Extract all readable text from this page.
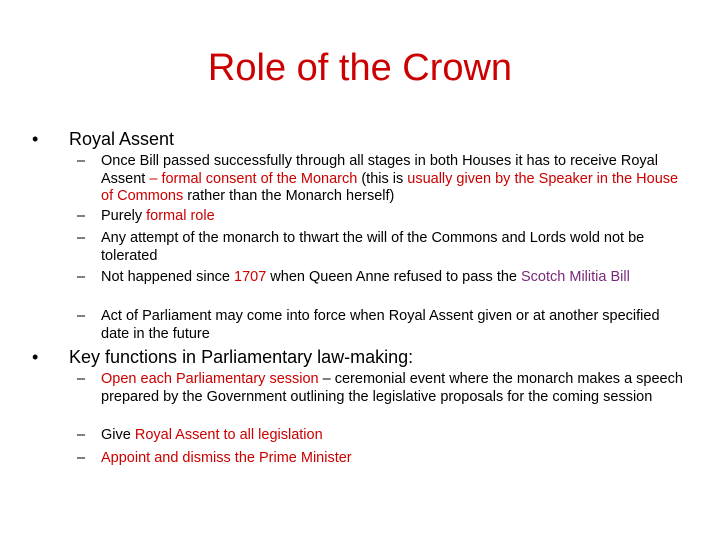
Role of the Crown
• Royal Assent
– Once Bill passed successfully through all stages in both Houses it has to receive Royal Assent – formal consent of the Monarch (this is usually given by the Speaker in the House of Commons rather than the Monarch herself)
– Purely formal role
– Any attempt of the monarch to thwart the will of the Commons and Lords wold not be tolerated
– Not happened since 1707 when Queen Anne refused to pass the Scotch Militia Bill
– Act of Parliament may come into force when Royal Assent given or at another specified date in the future
• Key functions in Parliamentary law-making:
– Open each Parliamentary session – ceremonial event where the monarch makes a speech prepared by the Government outlining the legislative proposals for the coming session
– Give Royal Assent to all legislation
– Appoint and dismiss the Prime Minister
